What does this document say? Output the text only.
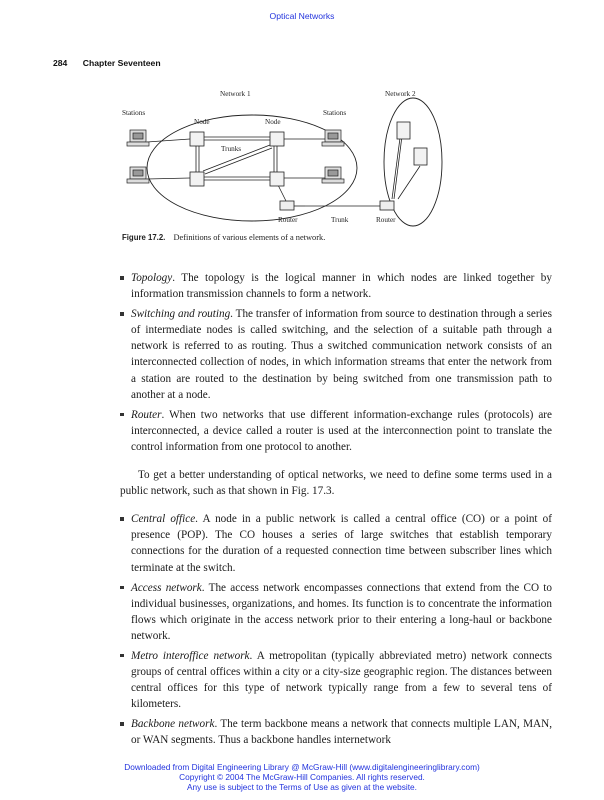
Optical Networks
284 Chapter Seventeen
Network 1	Network 2
Stations	Stations
Node	Node
Trunks
Router	Trunk	Router
Figure 17.2. Definitions of various elements of a network.
Topology. The topology is the logical manner in which nodes are linked together by information transmission channels to form a network.
Switching and routing. The transfer of information from source to destination through a series of intermediate nodes is called switching, and the selection of a suitable path through a network is referred to as routing. Thus a switched communication network consists of an interconnected collection of nodes, in which information streams that enter the network from a station are routed to the destination by being switched from one transmission path to another at a node.
Router. When two networks that use different information-exchange rules (protocols) are interconnected, a device called a router is used at the interconnection point to translate the control information from one protocol to another.

To get a better understanding of optical networks, we need to define some terms used in a public network, such as that shown in Fig. 17.3.

Central office. A node in a public network is called a central office (CO) or a point of presence (POP). The CO houses a series of large switches that establish temporary connections for the duration of a requested connection time between subscriber lines which terminate at the switch.
Access network. The access network encompasses connections that extend from the CO to individual businesses, organizations, and homes. Its function is to concentrate the information flows which originate in the access network prior to their entering a long-haul or backbone network.
Metro interoffice network. A metropolitan (typically abbreviated metro) network connects groups of central offices within a city or a city-size geographic region. The distances between central offices for this type of network typically range from a few to several tens of kilometers.
Backbone network. The term backbone means a network that connects multiple LAN, MAN, or WAN segments. Thus a backbone handles internetwork
Downloaded from Digital Engineering Library @ McGraw-Hill (www.digitalengineeringlibrary.com)
Copyright © 2004 The McGraw-Hill Companies. All rights reserved.
Any use is subject to the Terms of Use as given at the website.
